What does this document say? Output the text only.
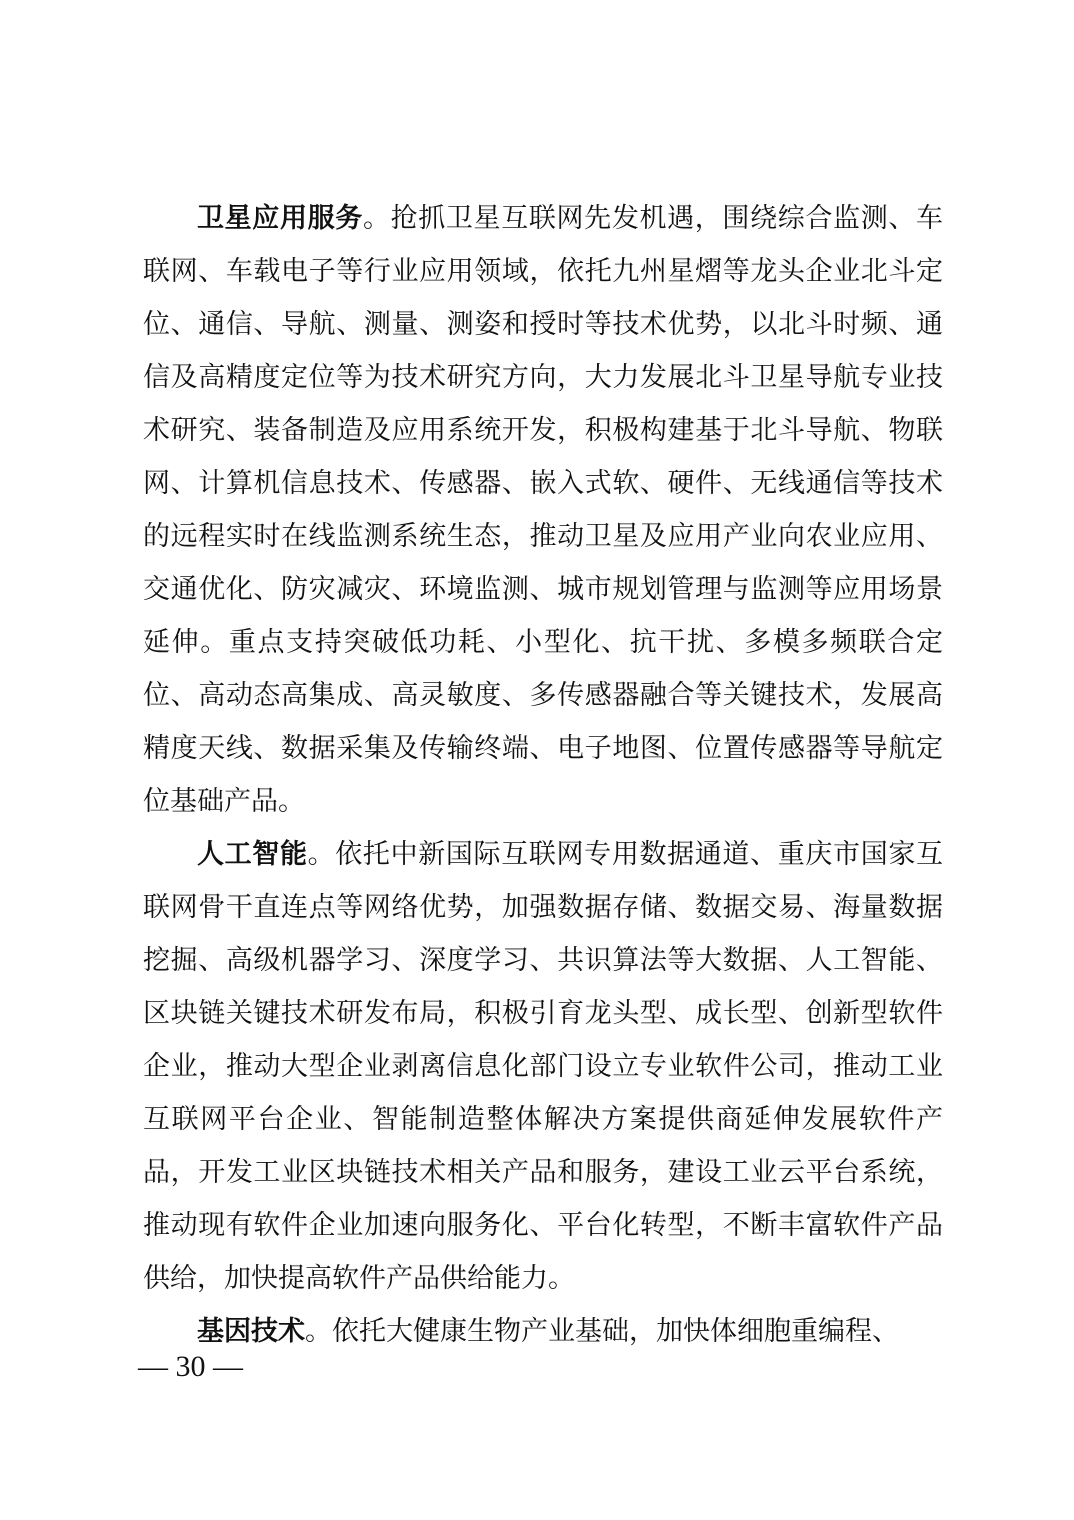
卫星应用服务。抢抓卫星互联网先发机遇，围绕综合监测、车联网、车载电子等行业应用领域，依托九州星熠等龙头企业北斗定位、通信、导航、测量、测姿和授时等技术优势，以北斗时频、通信及高精度定位等为技术研究方向，大力发展北斗卫星导航专业技术研究、装备制造及应用系统开发，积极构建基于北斗导航、物联网、计算机信息技术、传感器、嵌入式软、硬件、无线通信等技术的远程实时在线监测系统生态，推动卫星及应用产业向农业应用、交通优化、防灾减灾、环境监测、城市规划管理与监测等应用场景延伸。重点支持突破低功耗、小型化、抗干扰、多模多频联合定位、高动态高集成、高灵敏度、多传感器融合等关键技术，发展高精度天线、数据采集及传输终端、电子地图、位置传感器等导航定位基础产品。

人工智能。依托中新国际互联网专用数据通道、重庆市国家互联网骨干直连点等网络优势，加强数据存储、数据交易、海量数据挖掘、高级机器学习、深度学习、共识算法等大数据、人工智能、区块链关键技术研发布局，积极引育龙头型、成长型、创新型软件企业，推动大型企业剥离信息化部门设立专业软件公司，推动工业互联网平台企业、智能制造整体解决方案提供商延伸发展软件产品，开发工业区块链技术相关产品和服务，建设工业云平台系统，推动现有软件企业加速向服务化、平台化转型，不断丰富软件产品供给，加快提高软件产品供给能力。

基因技术。依托大健康生物产业基础，加快体细胞重编程、

— 30 —
